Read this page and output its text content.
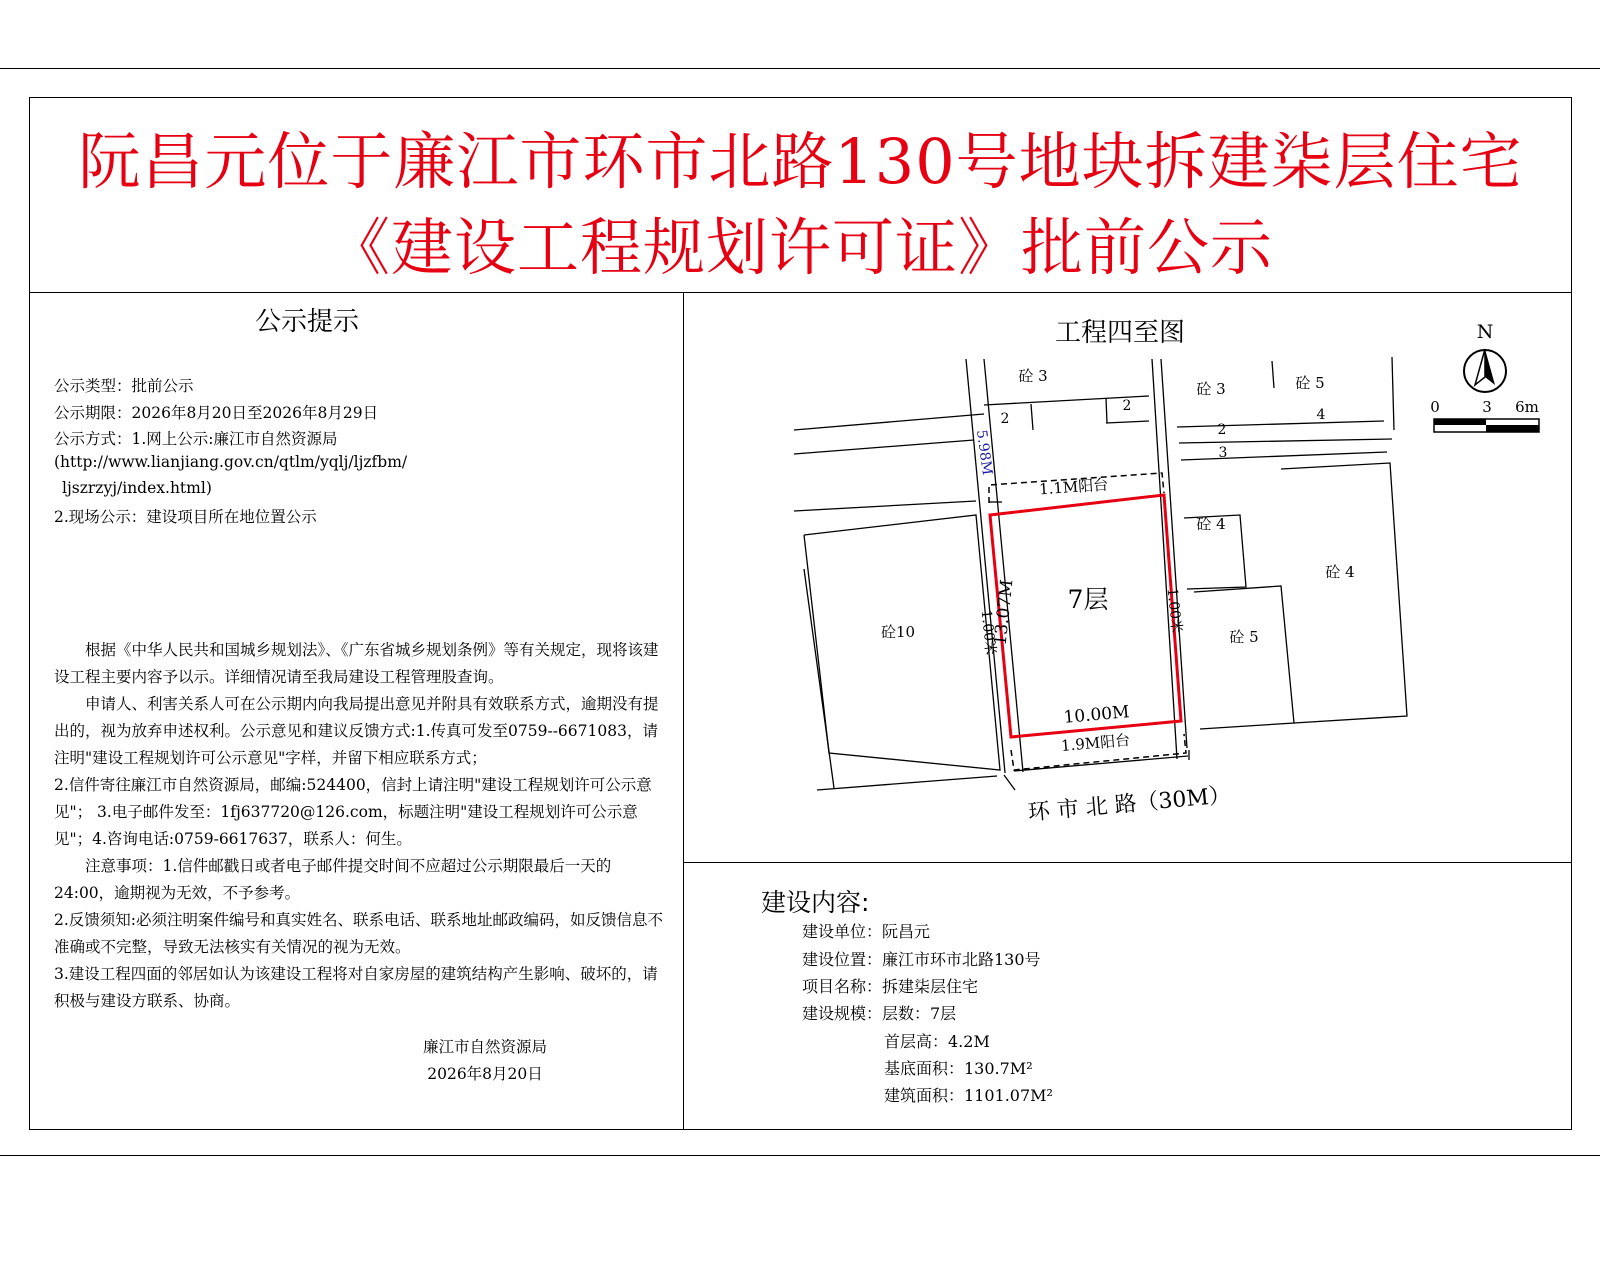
阮昌元位于廉江市环市北路130号地块拆建柒层住宅
《建设工程规划许可证》批前公示
公示提示
公示类型：批前公示
公示期限：2026年8月20日至2026年8月29日
公示方式：1.网上公示:廉江市自然资源局
(http://www.lianjiang.gov.cn/qtlm/yqlj/ljzfbm/
ljszrzyj/index.html)
2.现场公示：建设项目所在地位置公示

根据《中华人民共和国城乡规划法》、《广东省城乡规划条例》等有关规定，现将该建设工程主要内容予以示。详细情况请至我局建设工程管理股查询。

申请人、利害关系人可在公示期内向我局提出意见并附具有效联系方式，逾期没有提出的，视为放弃申述权利。公示意见和建议反馈方式:1.传真可发至0759--6671083，请注明"建设工程规划许可公示意见"字样，并留下相应联系方式；

2.信件寄往廉江市自然资源局，邮编:524400，信封上请注明"建设工程规划许可公示意见"； 3.电子邮件发至：1fj637720@126.com，标题注明"建设工程规划许可公示意见"；4.咨询电话:0759-6617637，联系人：何生。

注意事项：1.信件邮戳日或者电子邮件提交时间不应超过公示期限最后一天的24:00，逾期视为无效，不予参考。

2.反馈须知:必须注明案件编号和真实姓名、联系电话、联系地址邮政编码，如反馈信息不准确或不完整，导致无法核实有关情况的视为无效。

3.建设工程四面的邻居如认为该建设工程将对自家房屋的建筑结构产生影响、破坏的，请积极与建设方联系、协商。

廉江市自然资源局
2026年8月20日
工程四至图	N
0	3 6m
7层
13.07M
10.00M
1.1M阳台
1.9M阳台
1.00米	1.00米
5.98M
环 市 北 路（30M）
砼 3
砼 3	砼 5
砼10
砼 4
砼 5
砼 4
2
2
2
4
3
建设内容:
建设单位：阮昌元
建设位置：廉江市环市北路130号
项目名称：拆建柒层住宅
建设规模：层数：7层
首层高：4.2M
基底面积：130.7M²
建筑面积：1101.07M²
